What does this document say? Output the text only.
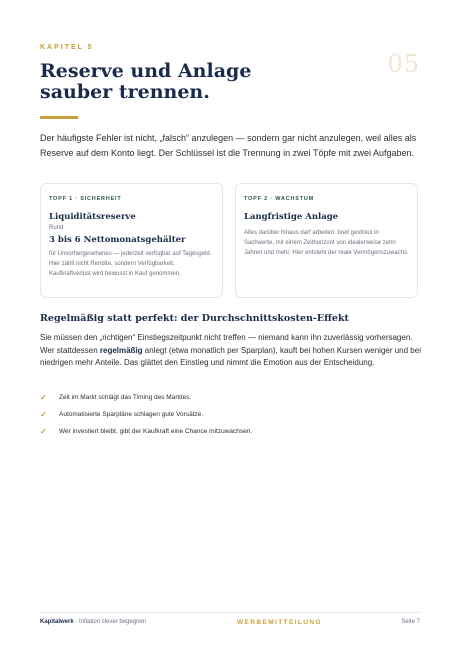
KAPITEL 5
05
Reserve und Anlage sauber trennen.

Der häufigste Fehler ist nicht, „falsch“ anzulegen — sondern gar nicht anzulegen, weil alles als Reserve auf dem Konto liegt. Der Schlüssel ist die Trennung in zwei Töpfe mit zwei Aufgaben.

TOPF 1 · SICHERHEIT
Liquiditätsreserve
Rund
3 bis 6 Nettomonatsgehälter
für Unvorhergesehenes — jederzeit verfügbar auf Tagesgeld. Hier zählt nicht Rendite, sondern Verfügbarkeit. Kaufkraftverlust wird bewusst in Kauf genommen.
TOPF 2 · WACHSTUM
Langfristige Anlage
Alles darüber hinaus darf arbeiten: breit gestreut in Sachwerte, mit einem Zeithorizont von idealerweise zehn Jahren und mehr. Hier entsteht der reale Vermögenszuwachs.
Regelmäßig statt perfekt: der Durchschnittskosten-Effekt

Sie müssen den „richtigen“ Einstiegszeitpunkt nicht treffen — niemand kann ihn zuverlässig vorhersagen. Wer stattdessen regelmäßig anlegt (etwa monatlich per Sparplan), kauft bei hohen Kursen weniger und bei niedrigen mehr Anteile. Das glättet den Einstieg und nimmt die Emotion aus der Entscheidung.

✓	Zeit im Markt schlägt das Timing des Marktes.
✓	Automatisierte Sparpläne schlagen gute Vorsätze.
✓	Wer investiert bleibt, gibt der Kaufkraft eine Chance mitzuwachsen.
Kapitalwerk · Inflation clever begegnen	WERBEMITTEILUNG	Seite 7
